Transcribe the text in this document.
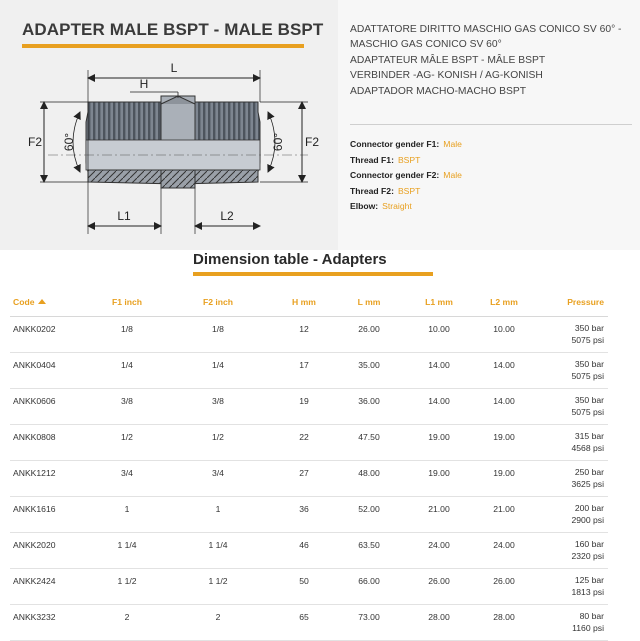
ADAPTER MALE BSPT - MALE BSPT
L
H
F2	F2
60°	60°
L1	L2
ADATTATORE DIRITTO MASCHIO GAS CONICO SV 60° -
MASCHIO GAS CONICO SV 60°
ADAPTATEUR MÂLE BSPT - MÂLE BSPT
VERBINDER -AG- KONISH / AG-KONISH
ADAPTADOR MACHO-MACHO BSPT
Connector gender F1: Male
Thread F1: BSPT
Connector gender F2: Male
Thread F2: BSPT
Elbow: Straight
Dimension table - Adapters
Code	F1 inch	F2 inch	H mm	L mm	L1 mm	L2 mm	Pressure

ANKK0202	1/8	1/8	12	26.00	10.00	10.00	350 bar
5075 psi

ANKK0404	1/4	1/4	17	35.00	14.00	14.00	350 bar
5075 psi

ANKK0606	3/8	3/8	19	36.00	14.00	14.00	350 bar
5075 psi

ANKK0808	1/2	1/2	22	47.50	19.00	19.00	315 bar
4568 psi

ANKK1212	3/4	3/4	27	48.00	19.00	19.00	250 bar
3625 psi

ANKK1616	1	1	36	52.00	21.00	21.00	200 bar
2900 psi

ANKK2020	1 1/4	1 1/4	46	63.50	24.00	24.00	160 bar
2320 psi

ANKK2424	1 1/2	1 1/2	50	66.00	26.00	26.00	125 bar
1813 psi

ANKK3232	2	2	65	73.00	28.00	28.00	80 bar
1160 psi
